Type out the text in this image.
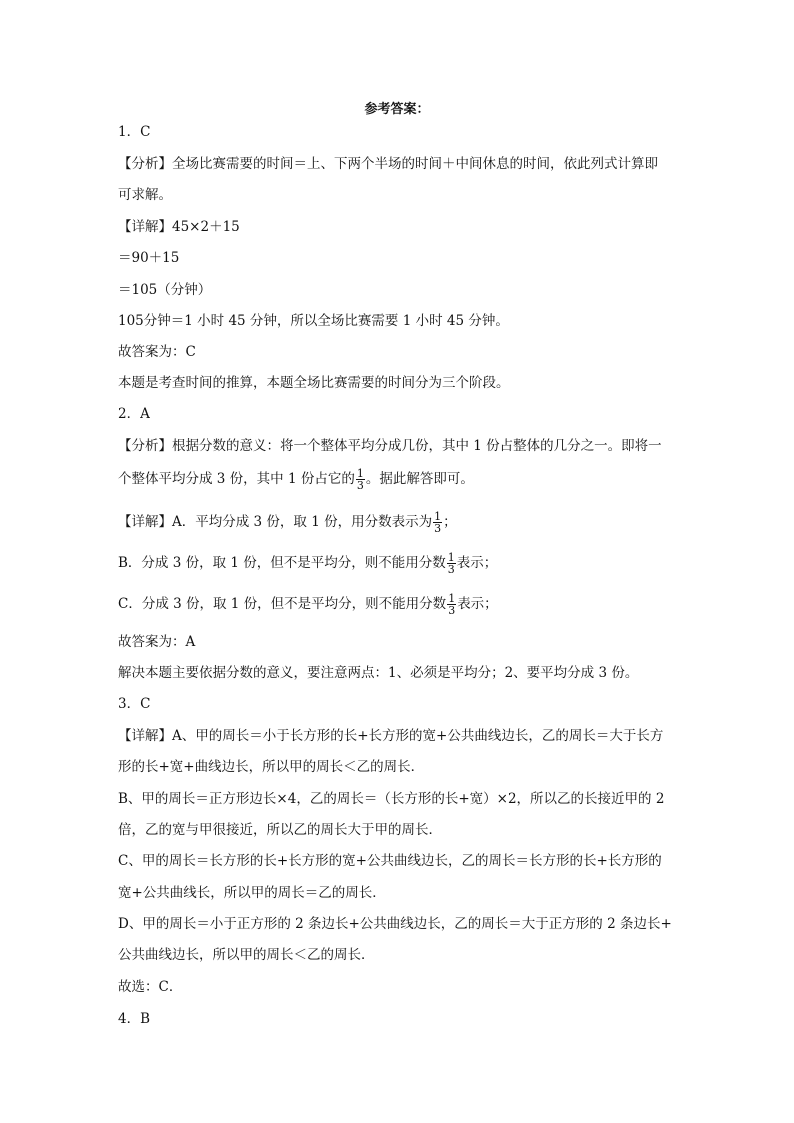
参考答案：
1．C
【分析】全场比赛需要的时间＝上、下两个半场的时间＋中间休息的时间，依此列式计算即
可求解。
【详解】45×2＋15
＝90＋15
＝105（分钟）
105分钟＝1 小时 45 分钟，所以全场比赛需要 1 小时 45 分钟。
故答案为：C
本题是考查时间的推算，本题全场比赛需要的时间分为三个阶段。
2．A
【分析】根据分数的意义：将一个整体平均分成几份，其中 1 份占整体的几分之一。即将一
个整体平均分成 3 份，其中 1 份占它的 $\frac{1}{3}$ 。据此解答即可。
【详解】A．平均分成 3 份，取 1 份，用分数表示为 $\frac{1}{3}$ ；
B．分成 3 份，取 1 份，但不是平均分，则不能用分数 $\frac{1}{3}$ 表示；
C．分成 3 份，取 1 份，但不是平均分，则不能用分数 $\frac{1}{3}$ 表示；
故答案为：A
解决本题主要依据分数的意义，要注意两点：1、必须是平均分；2、要平均分成 3 份。
3．C
【详解】A、甲的周长＝小于长方形的长+长方形的宽+公共曲线边长，乙的周长＝大于长方
形的长+宽+曲线边长，所以甲的周长＜乙的周长．
B、甲的周长＝正方形边长×4，乙的周长＝（长方形的长+宽）×2，所以乙的长接近甲的 2
倍，乙的宽与甲很接近，所以乙的周长大于甲的周长．
C、甲的周长＝长方形的长+长方形的宽+公共曲线边长，乙的周长＝长方形的长+长方形的
宽+公共曲线长，所以甲的周长＝乙的周长．
D、甲的周长＝小于正方形的 2 条边长+公共曲线边长，乙的周长＝大于正方形的 2 条边长+
公共曲线边长，所以甲的周长＜乙的周长．
故选：C．
4．B
